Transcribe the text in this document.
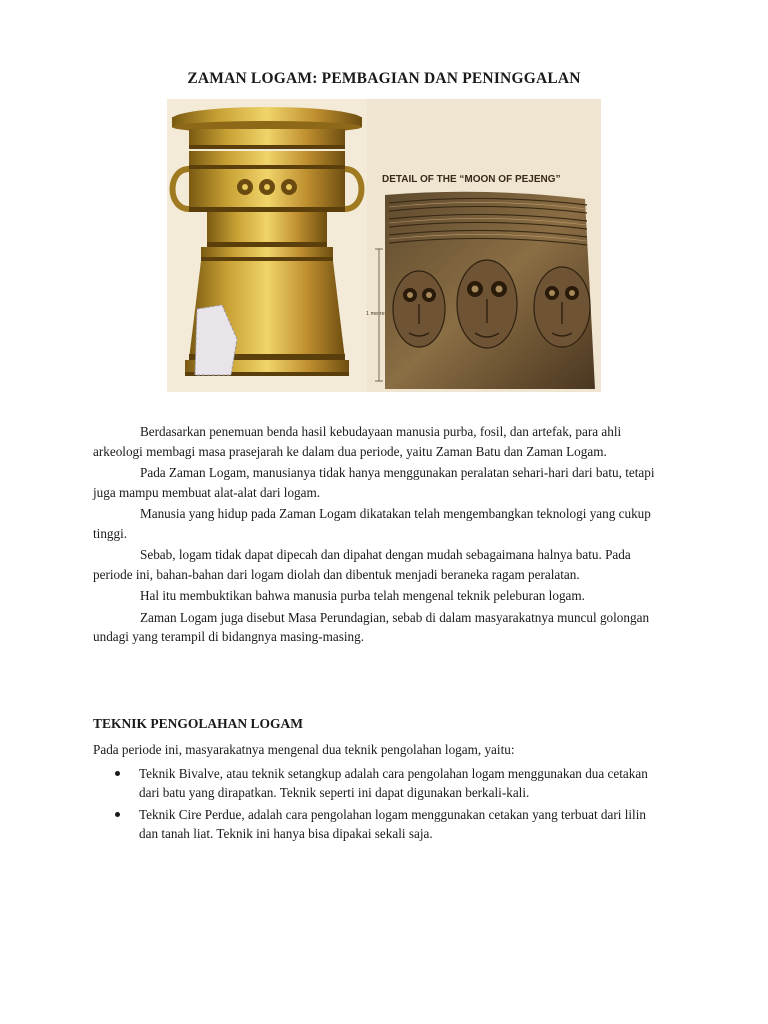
ZAMAN LOGAM: PEMBAGIAN DAN PENINGGALAN
1 metre
DETAIL OF THE “MOON OF PEJENG”

Berdasarkan penemuan benda hasil kebudayaan manusia purba, fosil, dan artefak, para ahli arkeologi membagi masa prasejarah ke dalam dua periode, yaitu Zaman Batu dan Zaman Logam.

Pada Zaman Logam, manusianya tidak hanya menggunakan peralatan sehari-hari dari batu, tetapi juga mampu membuat alat-alat dari logam.

Manusia yang hidup pada Zaman Logam dikatakan telah mengembangkan teknologi yang cukup tinggi.

Sebab, logam tidak dapat dipecah dan dipahat dengan mudah sebagaimana halnya batu. Pada periode ini, bahan-bahan dari logam diolah dan dibentuk menjadi beraneka ragam peralatan.

Hal itu membuktikan bahwa manusia purba telah mengenal teknik peleburan logam.

Zaman Logam juga disebut Masa Perundagian, sebab di dalam masyarakatnya muncul golongan undagi yang terampil di bidangnya masing-masing.

TEKNIK PENGOLAHAN LOGAM
Pada periode ini, masyarakatnya mengenal dua teknik pengolahan logam, yaitu:
Teknik Bivalve, atau teknik setangkup adalah cara pengolahan logam menggunakan dua cetakan dari batu yang dirapatkan. Teknik seperti ini dapat digunakan berkali-kali.
Teknik Cire Perdue, adalah cara pengolahan logam menggunakan cetakan yang terbuat dari lilin dan tanah liat. Teknik ini hanya bisa dipakai sekali saja.
